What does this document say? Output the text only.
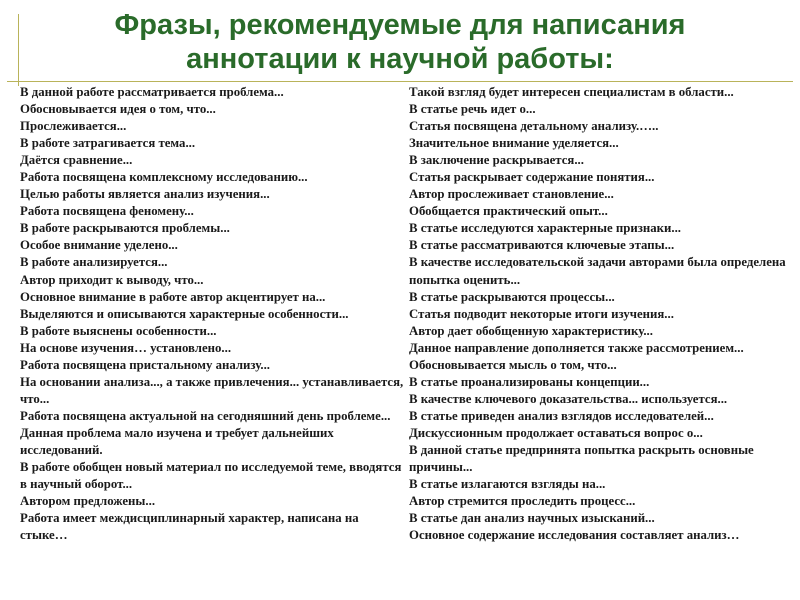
Фразы, рекомендуемые для написания
аннотации к научной работы:
В данной работе рассматривается проблема...
Обосновывается идея о том, что...
Прослеживается...
В работе затрагивается тема...
Даётся сравнение...
Работа посвящена комплексному исследованию...
Целью работы является анализ изучения...
Работа посвящена феномену...
В работе раскрываются проблемы...
Особое внимание уделено...
В работе анализируется...
Автор приходит к выводу, что...
Основное внимание в работе автор акцентирует на...
Выделяются и описываются характерные особенности...
В работе выяснены особенности...
На основе изучения… установлено...
Работа посвящена пристальному анализу...
На основании анализа..., а также привлечения... устанавливается, что...
Работа посвящена актуальной на сегодняшний день проблеме...
Данная проблема мало изучена и требует дальнейших исследований.
В работе обобщен новый материал по исследуемой теме, вводятся в научный оборот...
Автором предложены...
Работа имеет междисциплинарный характер, написана на стыке…
Такой взгляд будет интересен специалистам в области...
В статье речь идет о...
Статья посвящена детальному анализу.…..
Значительное внимание уделяется...
В заключение раскрывается...
Статья раскрывает содержание понятия...
Автор прослеживает становление...
Обобщается практический опыт...
В статье исследуются характерные признаки...
В статье рассматриваются ключевые этапы...
В качестве исследовательской задачи авторами была определена попытка оценить...
В статье раскрываются процессы...
Статья подводит некоторые итоги изучения...
Автор дает обобщенную характеристику...
Данное направление дополняется также рассмотрением...
Обосновывается мысль о том, что...
В статье проанализированы концепции...
В качестве ключевого доказательства... используется...
В статье приведен анализ взглядов исследователей...
Дискуссионным продолжает оставаться вопрос о...
В данной статье предпринята попытка раскрыть основные причины...
В статье излагаются взгляды на...
Автор стремится проследить процесс...
В статье дан анализ научных изысканий...
Основное содержание исследования составляет анализ…
